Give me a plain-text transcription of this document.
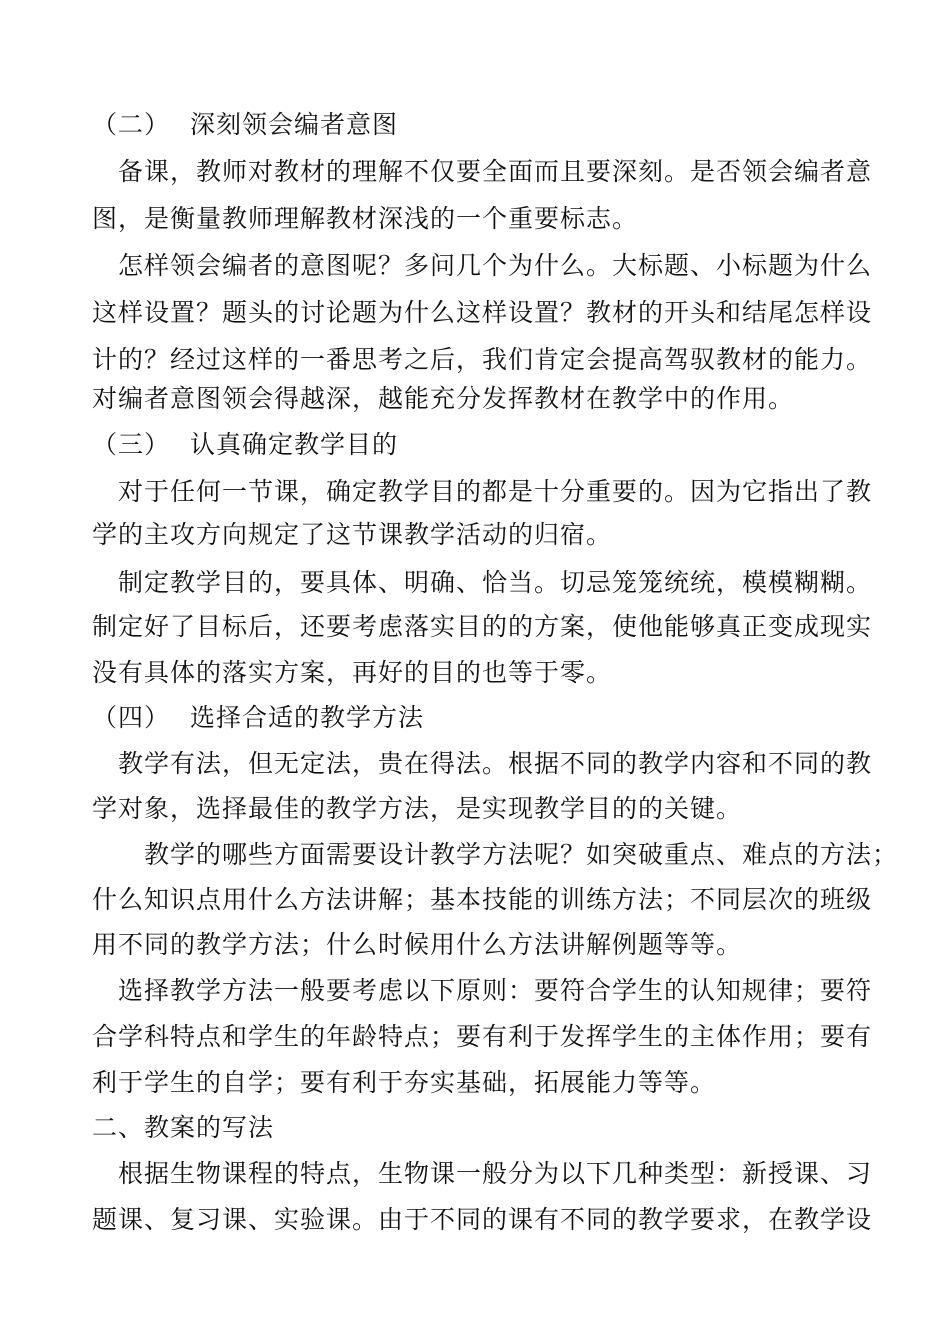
（二） 深刻领会编者意图
备课，教师对教材的理解不仅要全面而且要深刻。是否领会编者意
图，是衡量教师理解教材深浅的一个重要标志。
怎样领会编者的意图呢？多问几个为什么。大标题、小标题为什么
这样设置？题头的讨论题为什么这样设置？教材的开头和结尾怎样设
计的？经过这样的一番思考之后，我们肯定会提高驾驭教材的能力。
对编者意图领会得越深，越能充分发挥教材在教学中的作用。
（三） 认真确定教学目的
对于任何一节课，确定教学目的都是十分重要的。因为它指出了教
学的主攻方向规定了这节课教学活动的归宿。
制定教学目的，要具体、明确、恰当。切忌笼笼统统，模模糊糊。
制定好了目标后，还要考虑落实目的的方案，使他能够真正变成现实
没有具体的落实方案，再好的目的也等于零。
（四） 选择合适的教学方法
教学有法，但无定法，贵在得法。根据不同的教学内容和不同的教
学对象，选择最佳的教学方法，是实现教学目的的关键。
教学的哪些方面需要设计教学方法呢？如突破重点、难点的方法；
什么知识点用什么方法讲解；基本技能的训练方法；不同层次的班级
用不同的教学方法；什么时候用什么方法讲解例题等等。
选择教学方法一般要考虑以下原则：要符合学生的认知规律；要符
合学科特点和学生的年龄特点；要有利于发挥学生的主体作用；要有
利于学生的自学；要有利于夯实基础，拓展能力等等。
二、教案的写法
根据生物课程的特点，生物课一般分为以下几种类型：新授课、习
题课、复习课、实验课。由于不同的课有不同的教学要求，在教学设
